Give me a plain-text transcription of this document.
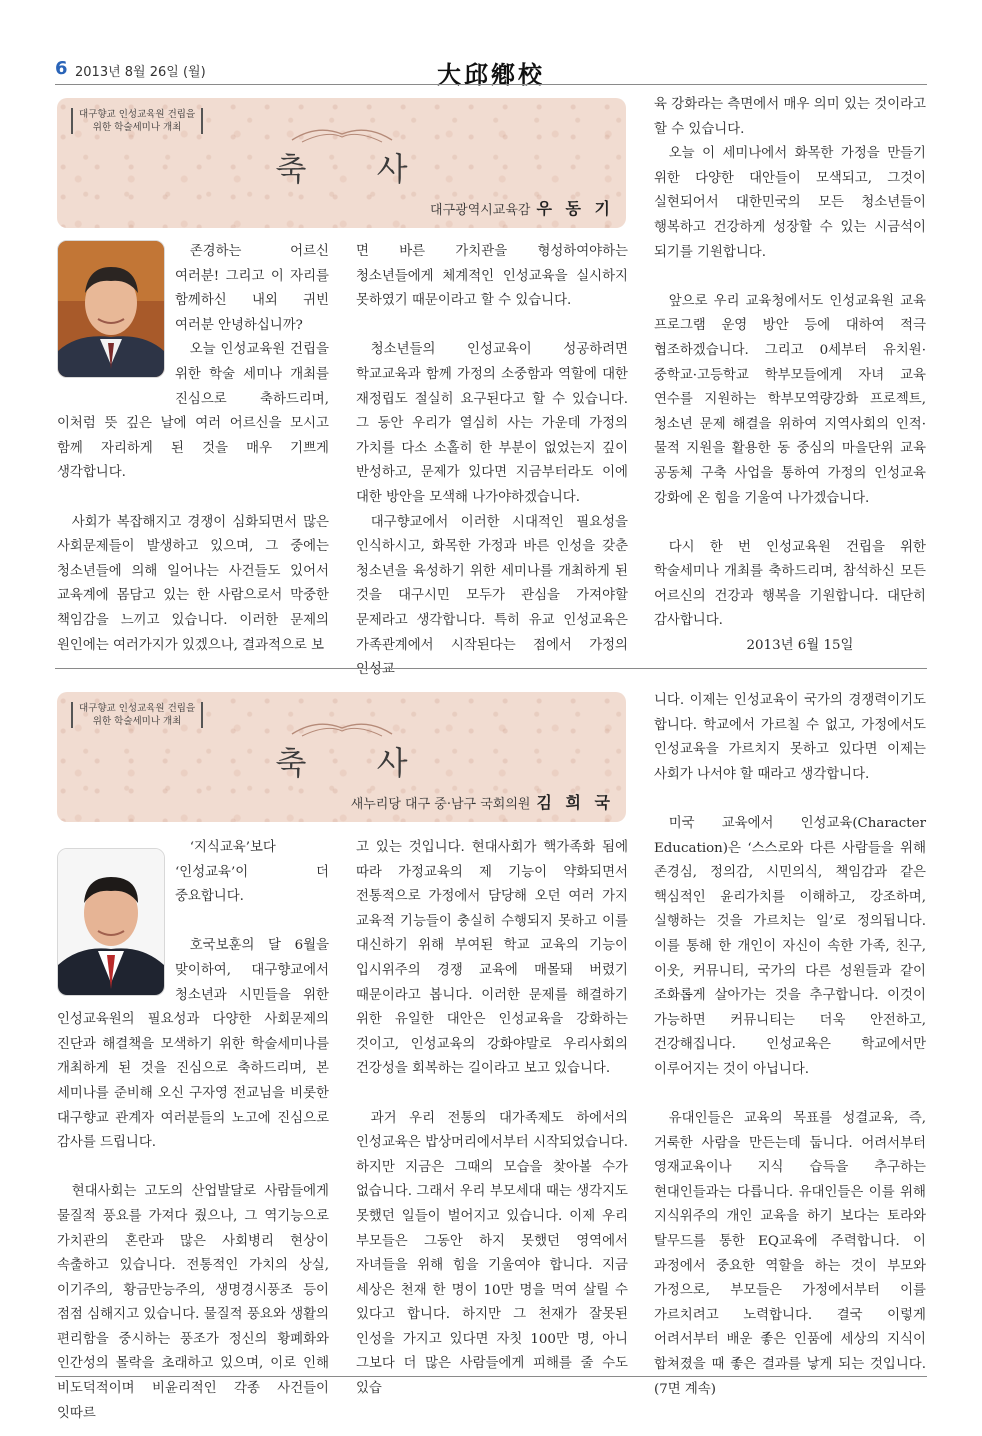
6 2013년 8월 26일 (월)	大邱鄕校
대구향교 인성교육원 건립을
위한 학술세미나 개최
축 사
대구광역시교육감 우 동 기

존경하는 어르신 여러분! 그리고 이 자리를 함께하신 내외 귀빈 여러분 안녕하십니까?

오늘 인성교육원 건립을 위한 학술 세미나 개최를 진심으로 축하드리며, 이처럼 뜻 깊은 날에 여러 어르신을 모시고 함께 자리하게 된 것을 매우 기쁘게 생각합니다.

사회가 복잡해지고 경쟁이 심화되면서 많은 사회문제들이 발생하고 있으며, 그 중에는 청소년들에 의해 일어나는 사건들도 있어서 교육계에 몸담고 있는 한 사람으로서 막중한 책임감을 느끼고 있습니다. 이러한 문제의 원인에는 여러가지가 있겠으나, 결과적으로 보

면 바른 가치관을 형성하여야하는 청소년들에게 체계적인 인성교육을 실시하지 못하였기 때문이라고 할 수 있습니다.

청소년들의 인성교육이 성공하려면 학교교육과 함께 가정의 소중함과 역할에 대한 재정립도 절실히 요구된다고 할 수 있습니다. 그 동안 우리가 열심히 사는 가운데 가정의 가치를 다소 소홀히 한 부분이 없었는지 깊이 반성하고, 문제가 있다면 지금부터라도 이에 대한 방안을 모색해 나가야하겠습니다.

대구향교에서 이러한 시대적인 필요성을 인식하시고, 화목한 가정과 바른 인성을 갖춘 청소년을 육성하기 위한 세미나를 개최하게 된 것을 대구시민 모두가 관심을 가져야할 문제라고 생각합니다. 특히 유교 인성교육은 가족관계에서 시작된다는 점에서 가정의 인성교

육 강화라는 측면에서 매우 의미 있는 것이라고 할 수 있습니다.

오늘 이 세미나에서 화목한 가정을 만들기 위한 다양한 대안들이 모색되고, 그것이 실현되어서 대한민국의 모든 청소년들이 행복하고 건강하게 성장할 수 있는 시금석이 되기를 기원합니다.

앞으로 우리 교육청에서도 인성교육원 교육 프로그램 운영 방안 등에 대하여 적극 협조하겠습니다. 그리고 0세부터 유치원·중학교·고등학교 학부모들에게 자녀 교육 연수를 지원하는 학부모역량강화 프로젝트, 청소년 문제 해결을 위하여 지역사회의 인적·물적 지원을 활용한 동 중심의 마을단위 교육 공동체 구축 사업을 통하여 가정의 인성교육 강화에 온 힘을 기울여 나가겠습니다.

다시 한 번 인성교육원 건립을 위한 학술세미나 개최를 축하드리며, 참석하신 모든 어르신의 건강과 행복을 기원합니다. 대단히 감사합니다.

2013년 6월 15일
대구향교 인성교육원 건립을
위한 학술세미나 개최
축 사
새누리당 대구 중·남구 국회의원 김 희 국

‘지식교육’보다 ‘인성교육’이 더 중요합니다.

호국보훈의 달 6월을 맞이하여, 대구향교에서 청소년과 시민들을 위한 인성교육원의 필요성과 다양한 사회문제의 진단과 해결책을 모색하기 위한 학술세미나를 개최하게 된 것을 진심으로 축하드리며, 본 세미나를 준비해 오신 구자영 전교님을 비롯한 대구향교 관계자 여러분들의 노고에 진심으로 감사를 드립니다.

현대사회는 고도의 산업발달로 사람들에게 물질적 풍요를 가져다 줬으나, 그 역기능으로 가치관의 혼란과 많은 사회병리 현상이 속출하고 있습니다. 전통적인 가치의 상실, 이기주의, 황금만능주의, 생명경시풍조 등이 점점 심해지고 있습니다. 물질적 풍요와 생활의 편리함을 중시하는 풍조가 정신의 황폐화와 인간성의 몰락을 초래하고 있으며, 이로 인해 비도덕적이며 비윤리적인 각종 사건들이 잇따르

고 있는 것입니다. 현대사회가 핵가족화 됨에 따라 가정교육의 제 기능이 약화되면서 전통적으로 가정에서 담당해 오던 여러 가지 교육적 기능들이 충실히 수행되지 못하고 이를 대신하기 위해 부여된 학교 교육의 기능이 입시위주의 경쟁 교육에 매몰돼 버렸기 때문이라고 봅니다. 이러한 문제를 해결하기 위한 유일한 대안은 인성교육을 강화하는 것이고, 인성교육의 강화야말로 우리사회의 건강성을 회복하는 길이라고 보고 있습니다.

과거 우리 전통의 대가족제도 하에서의 인성교육은 밥상머리에서부터 시작되었습니다. 하지만 지금은 그때의 모습을 찾아볼 수가 없습니다. 그래서 우리 부모세대 때는 생각지도 못했던 일들이 벌어지고 있습니다. 이제 우리 부모들은 그동안 하지 못했던 영역에서 자녀들을 위해 힘을 기울여야 합니다. 지금 세상은 천재 한 명이 10만 명을 먹여 살릴 수 있다고 합니다. 하지만 그 천재가 잘못된 인성을 가지고 있다면 자칫 100만 명, 아니 그보다 더 많은 사람들에게 피해를 줄 수도 있습

니다. 이제는 인성교육이 국가의 경쟁력이기도 합니다. 학교에서 가르칠 수 없고, 가정에서도 인성교육을 가르치지 못하고 있다면 이제는 사회가 나서야 할 때라고 생각합니다.

미국 교육에서 인성교육(Character Education)은 ‘스스로와 다른 사람들을 위해 존경심, 정의감, 시민의식, 책임감과 같은 핵심적인 윤리가치를 이해하고, 강조하며, 실행하는 것을 가르치는 일’로 정의됩니다. 이를 통해 한 개인이 자신이 속한 가족, 친구, 이웃, 커뮤니티, 국가의 다른 성원들과 같이 조화롭게 살아가는 것을 추구합니다. 이것이 가능하면 커뮤니티는 더욱 안전하고, 건강해집니다. 인성교육은 학교에서만 이루어지는 것이 아닙니다.

유대인들은 교육의 목표를 성결교육, 즉, 거룩한 사람을 만든는데 둡니다. 어려서부터 영재교육이나 지식 습득을 추구하는 현대인들과는 다릅니다. 유대인들은 이를 위해 지식위주의 개인 교육을 하기 보다는 토라와 탈무드를 통한 EQ교육에 주력합니다. 이 과정에서 중요한 역할을 하는 것이 부모와 가정으로, 부모들은 가정에서부터 이를 가르치려고 노력합니다. 결국 이렇게 어려서부터 배운 좋은 인품에 세상의 지식이 합쳐졌을 때 좋은 결과를 낳게 되는 것입니다. (7면 계속)
